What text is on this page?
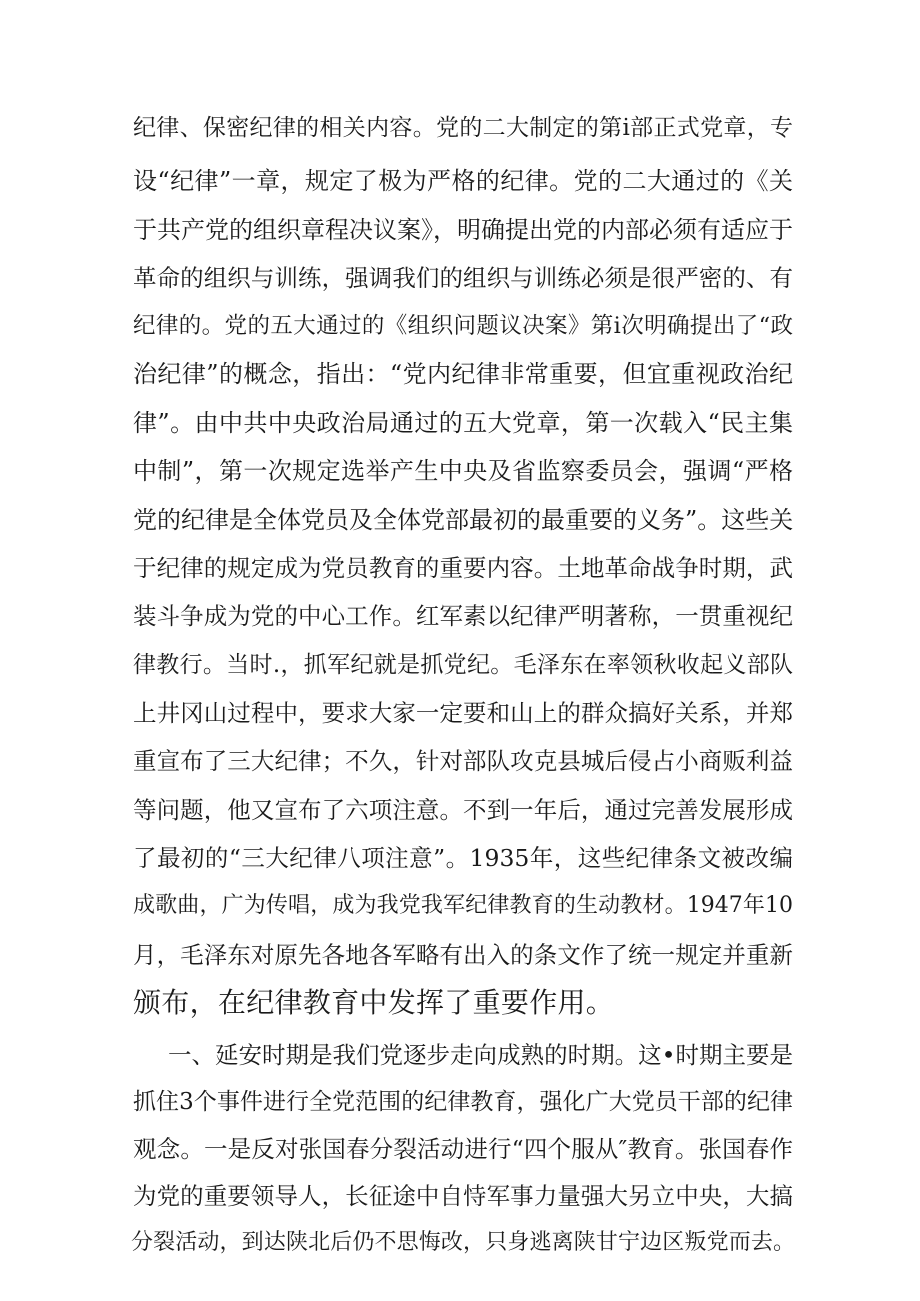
纪律、保密纪律的相关内容。党的二大制定的第i部正式党章，专

设“纪律”一章，规定了极为严格的纪律。党的二大通过的《关

于共产党的组织章程决议案》，明确提出党的内部必须有适应于

革命的组织与训练，强调我们的组织与训练必须是很严密的、有

纪律的。党的五大通过的《组织问题议决案》第i次明确提出了“政

治纪律”的概念，指出：“党内纪律非常重要，但宜重视政治纪

律”。由中共中央政治局通过的五大党章，第一次载入“民主集

中制”，第一次规定选举产生中央及省监察委员会，强调“严格

党的纪律是全体党员及全体党部最初的最重要的义务”。这些关

于纪律的规定成为党员教育的重要内容。土地革命战争时期，武

装斗争成为党的中心工作。红军素以纪律严明著称，一贯重视纪

律教行。当时.，抓军纪就是抓党纪。毛泽东在率领秋收起义部队

上井冈山过程中，要求大家一定要和山上的群众搞好关系，并郑

重宣布了三大纪律；不久，针对部队攻克县城后侵占小商贩利益

等问题，他又宣布了六项注意。不到一年后，通过完善发展形成

了最初的“三大纪律八项注意”。1935年，这些纪律条文被改编

成歌曲，广为传唱，成为我党我军纪律教育的生动教材。1947年10

月，毛泽东对原先各地各军略有出入的条文作了统一规定并重新

颁布，在纪律教育中发挥了重要作用。

一、延安时期是我们党逐步走向成熟的时期。这•时期主要是

抓住3个事件进行全党范围的纪律教育，强化广大党员干部的纪律

观念。一是反对张国春分裂活动进行“四个服从″教育。张国春作

为党的重要领导人，长征途中自恃军事力量强大另立中央，大搞

分裂活动，到达陕北后仍不思悔改，只身逃离陕甘宁边区叛党而去。
